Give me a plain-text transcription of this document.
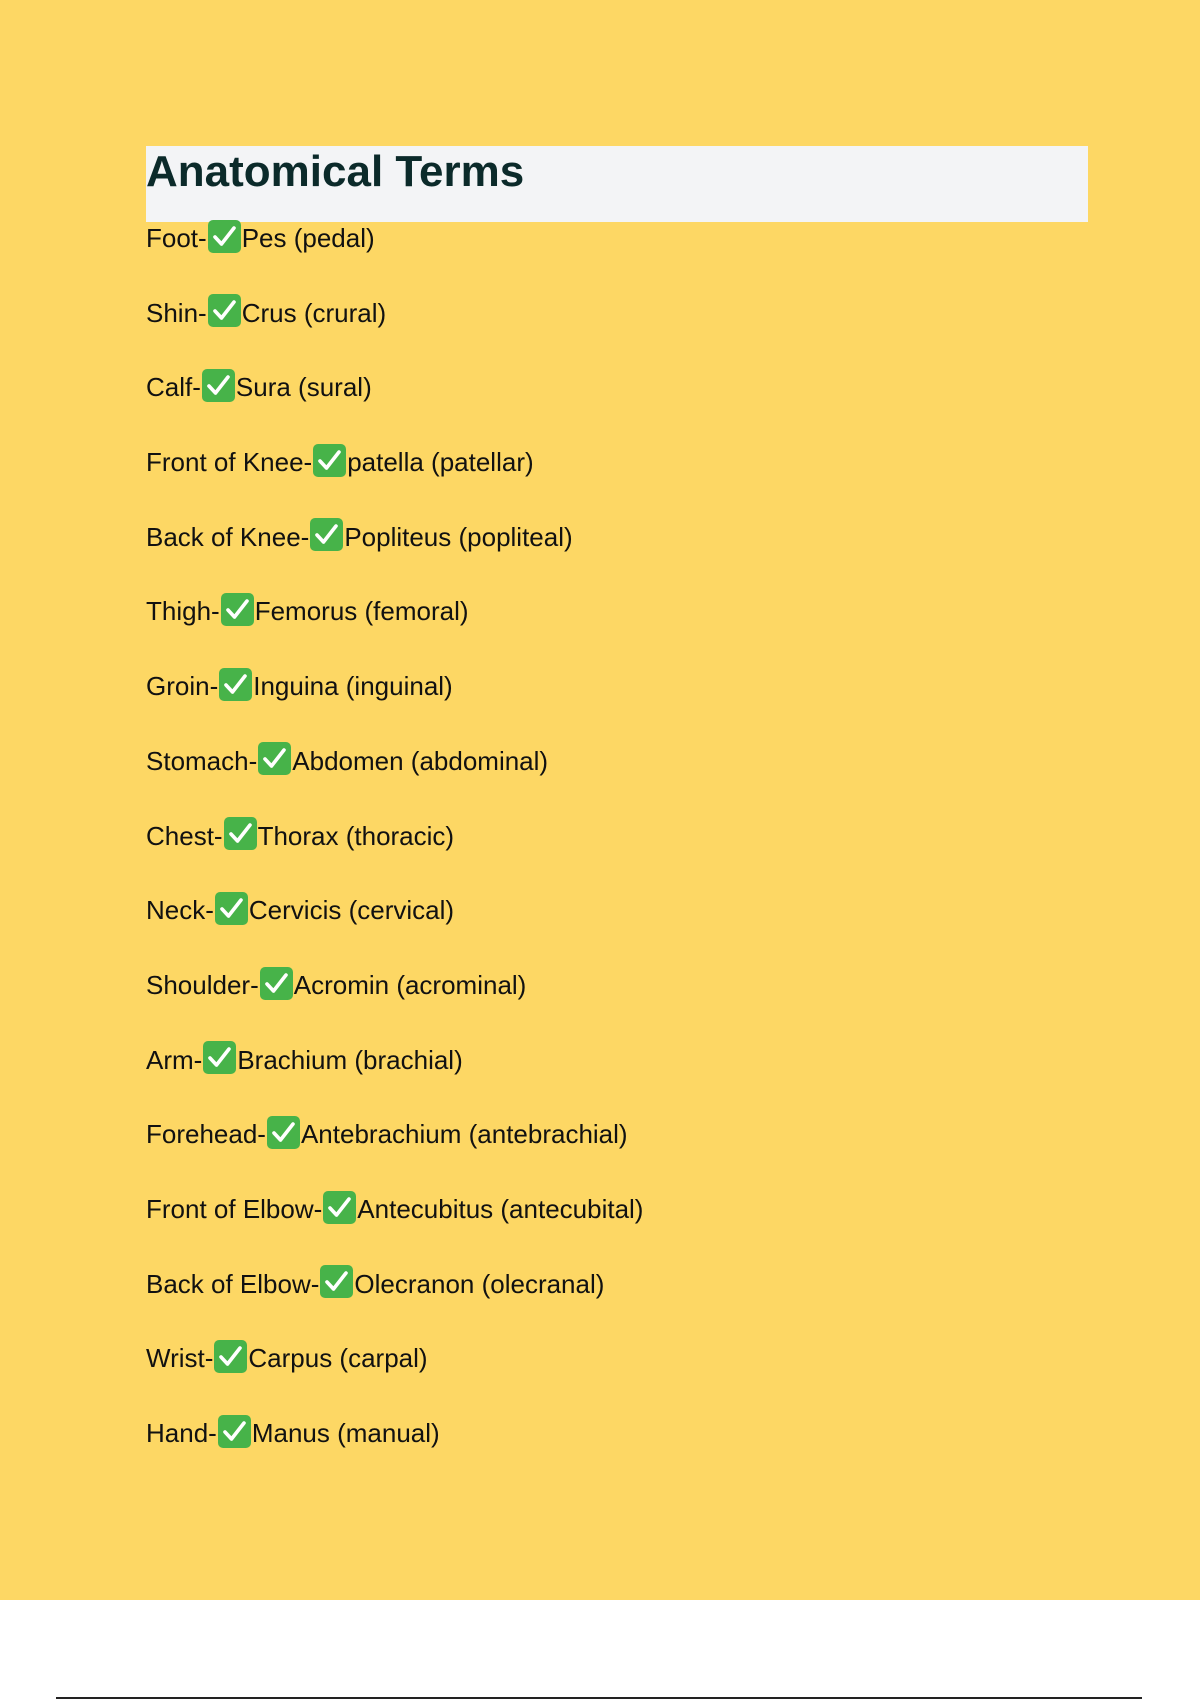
Anatomical Terms
Foot- Pes (pedal)
Shin- Crus (crural)
Calf- Sura (sural)
Front of Knee- patella (patellar)
Back of Knee- Popliteus (popliteal)
Thigh- Femorus (femoral)
Groin- Inguina (inguinal)
Stomach- Abdomen (abdominal)
Chest- Thorax (thoracic)
Neck- Cervicis (cervical)
Shoulder- Acromin (acrominal)
Arm- Brachium (brachial)
Forehead- Antebrachium (antebrachial)
Front of Elbow- Antecubitus (antecubital)
Back of Elbow- Olecranon (olecranal)
Wrist- Carpus (carpal)
Hand- Manus (manual)
